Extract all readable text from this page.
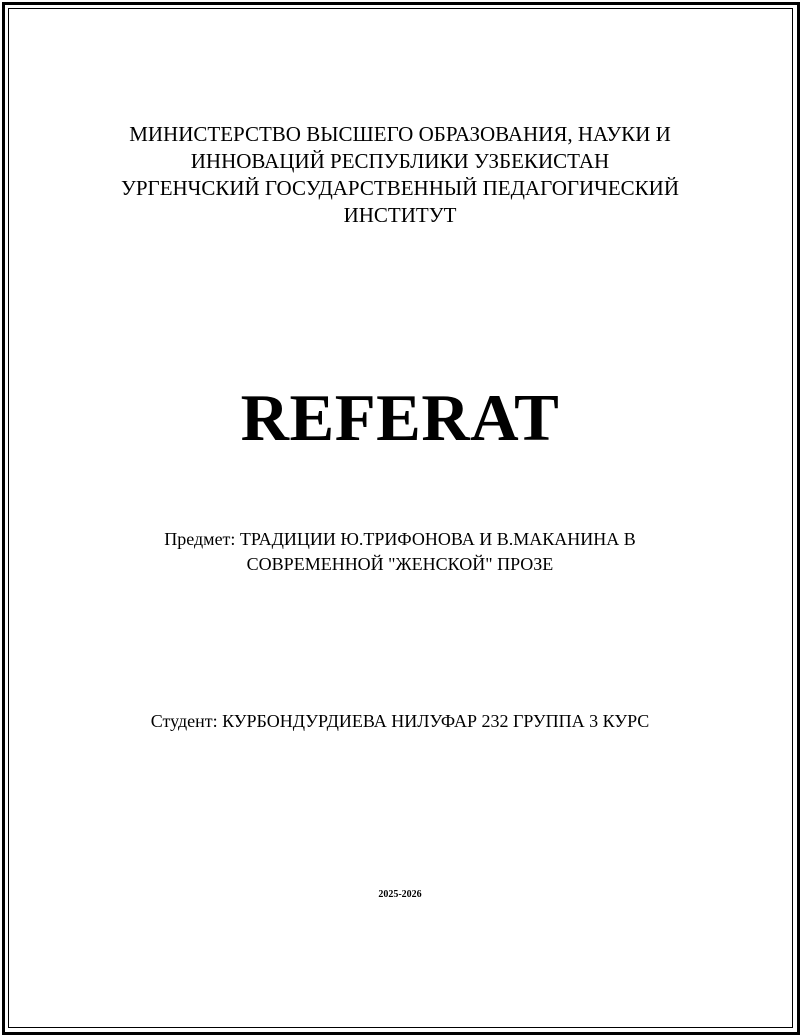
МИНИСТЕРСТВО ВЫСШЕГО ОБРАЗОВАНИЯ, НАУКИ И
ИННОВАЦИЙ РЕСПУБЛИКИ УЗБЕКИСТАН
УРГЕНЧСКИЙ ГОСУДАРСТВЕННЫЙ ПЕДАГОГИЧЕСКИЙ
ИНСТИТУТ
REFERAT
Предмет: ТРАДИЦИИ Ю.ТРИФОНОВА И В.МАКАНИНА В
СОВРЕМЕННОЙ "ЖЕНСКОЙ" ПРОЗЕ
Студент: КУРБОНДУРДИЕВА НИЛУФАР 232 ГРУППА 3 КУРС
2025-2026
